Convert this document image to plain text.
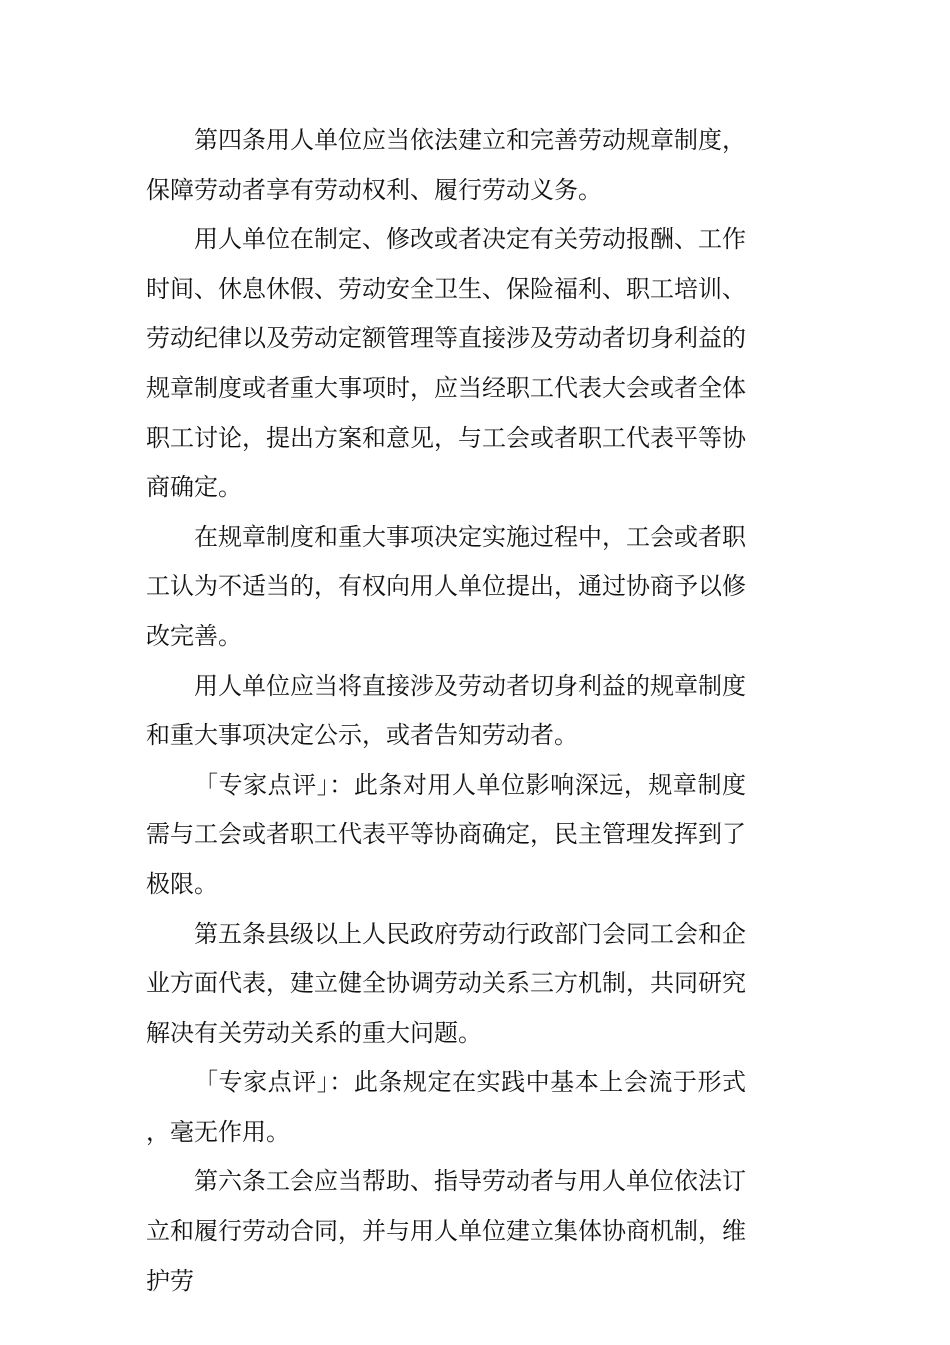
第四条用人单位应当依法建立和完善劳动规章制度，保障劳动者享有劳动权利、履行劳动义务。

用人单位在制定、修改或者决定有关劳动报酬、工作时间、休息休假、劳动安全卫生、保险福利、职工培训、劳动纪律以及劳动定额管理等直接涉及劳动者切身利益的规章制度或者重大事项时，应当经职工代表大会或者全体职工讨论，提出方案和意见，与工会或者职工代表平等协商确定。

在规章制度和重大事项决定实施过程中，工会或者职工认为不适当的，有权向用人单位提出，通过协商予以修改完善。

用人单位应当将直接涉及劳动者切身利益的规章制度和重大事项决定公示，或者告知劳动者。

「专家点评」：此条对用人单位影响深远，规章制度需与工会或者职工代表平等协商确定，民主管理发挥到了极限。

第五条县级以上人民政府劳动行政部门会同工会和企业方面代表，建立健全协调劳动关系三方机制，共同研究解决有关劳动关系的重大问题。

「专家点评」：此条规定在实践中基本上会流于形式，毫无作用。

第六条工会应当帮助、指导劳动者与用人单位依法订立和履行劳动合同，并与用人单位建立集体协商机制，维护劳
